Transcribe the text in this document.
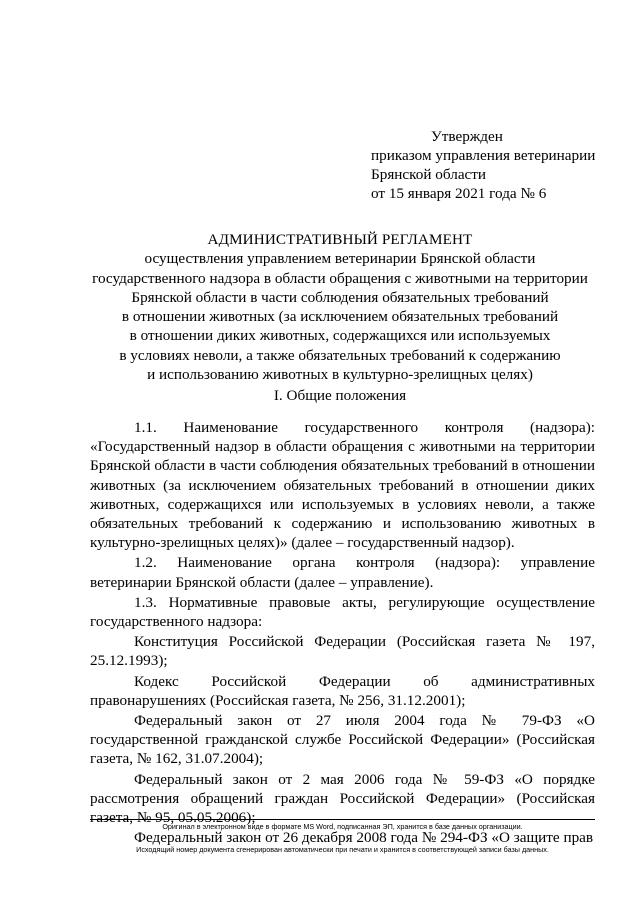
Утвержден
приказом управления ветеринарии
Брянской области
от 15 января 2021 года № 6
АДМИНИСТРАТИВНЫЙ РЕГЛАМЕНТ
осуществления управлением ветеринарии Брянской области
государственного надзора в области обращения с животными на территории
Брянской области в части соблюдения обязательных требований
в отношении животных (за исключением обязательных требований
в отношении диких животных, содержащихся или используемых
в условиях неволи, а также обязательных требований к содержанию
и использованию животных в культурно-зрелищных целях)
I. Общие положения

1.1. Наименование государственного контроля (надзора): «Государственный надзор в области обращения с животными на территории Брянской области в части соблюдения обязательных требований в отношении животных (за исключением обязательных требований в отношении диких животных, содержащихся или используемых в условиях неволи, а также обязательных требований к содержанию и использованию животных в культурно-зрелищных целях)» (далее – государственный надзор).

1.2. Наименование органа контроля (надзора): управление ветеринарии Брянской области (далее – управление).

1.3. Нормативные правовые акты, регулирующие осуществление государственного надзора:

Конституция Российской Федерации (Российская газета № 197, 25.12.1993);

Кодекс Российской Федерации об административных правонарушениях (Российская газета, № 256, 31.12.2001);

Федеральный закон от 27 июля 2004 года № 79-ФЗ «О государственной гражданской службе Российской Федерации» (Российская газета, № 162, 31.07.2004);

Федеральный закон от 2 мая 2006 года № 59-ФЗ «О порядке рассмотрения обращений граждан Российской Федерации» (Российская газета, № 95, 05.05.2006);

Федеральный закон от 26 декабря 2008 года № 294-ФЗ «О защите прав

Оригинал в электронном виде в формате MS Word, подписанная ЭП, хранится в базе данных организации.
Исходящий номер документа сгенерирован автоматически при печати и хранится в соответствующей записи базы данных.
